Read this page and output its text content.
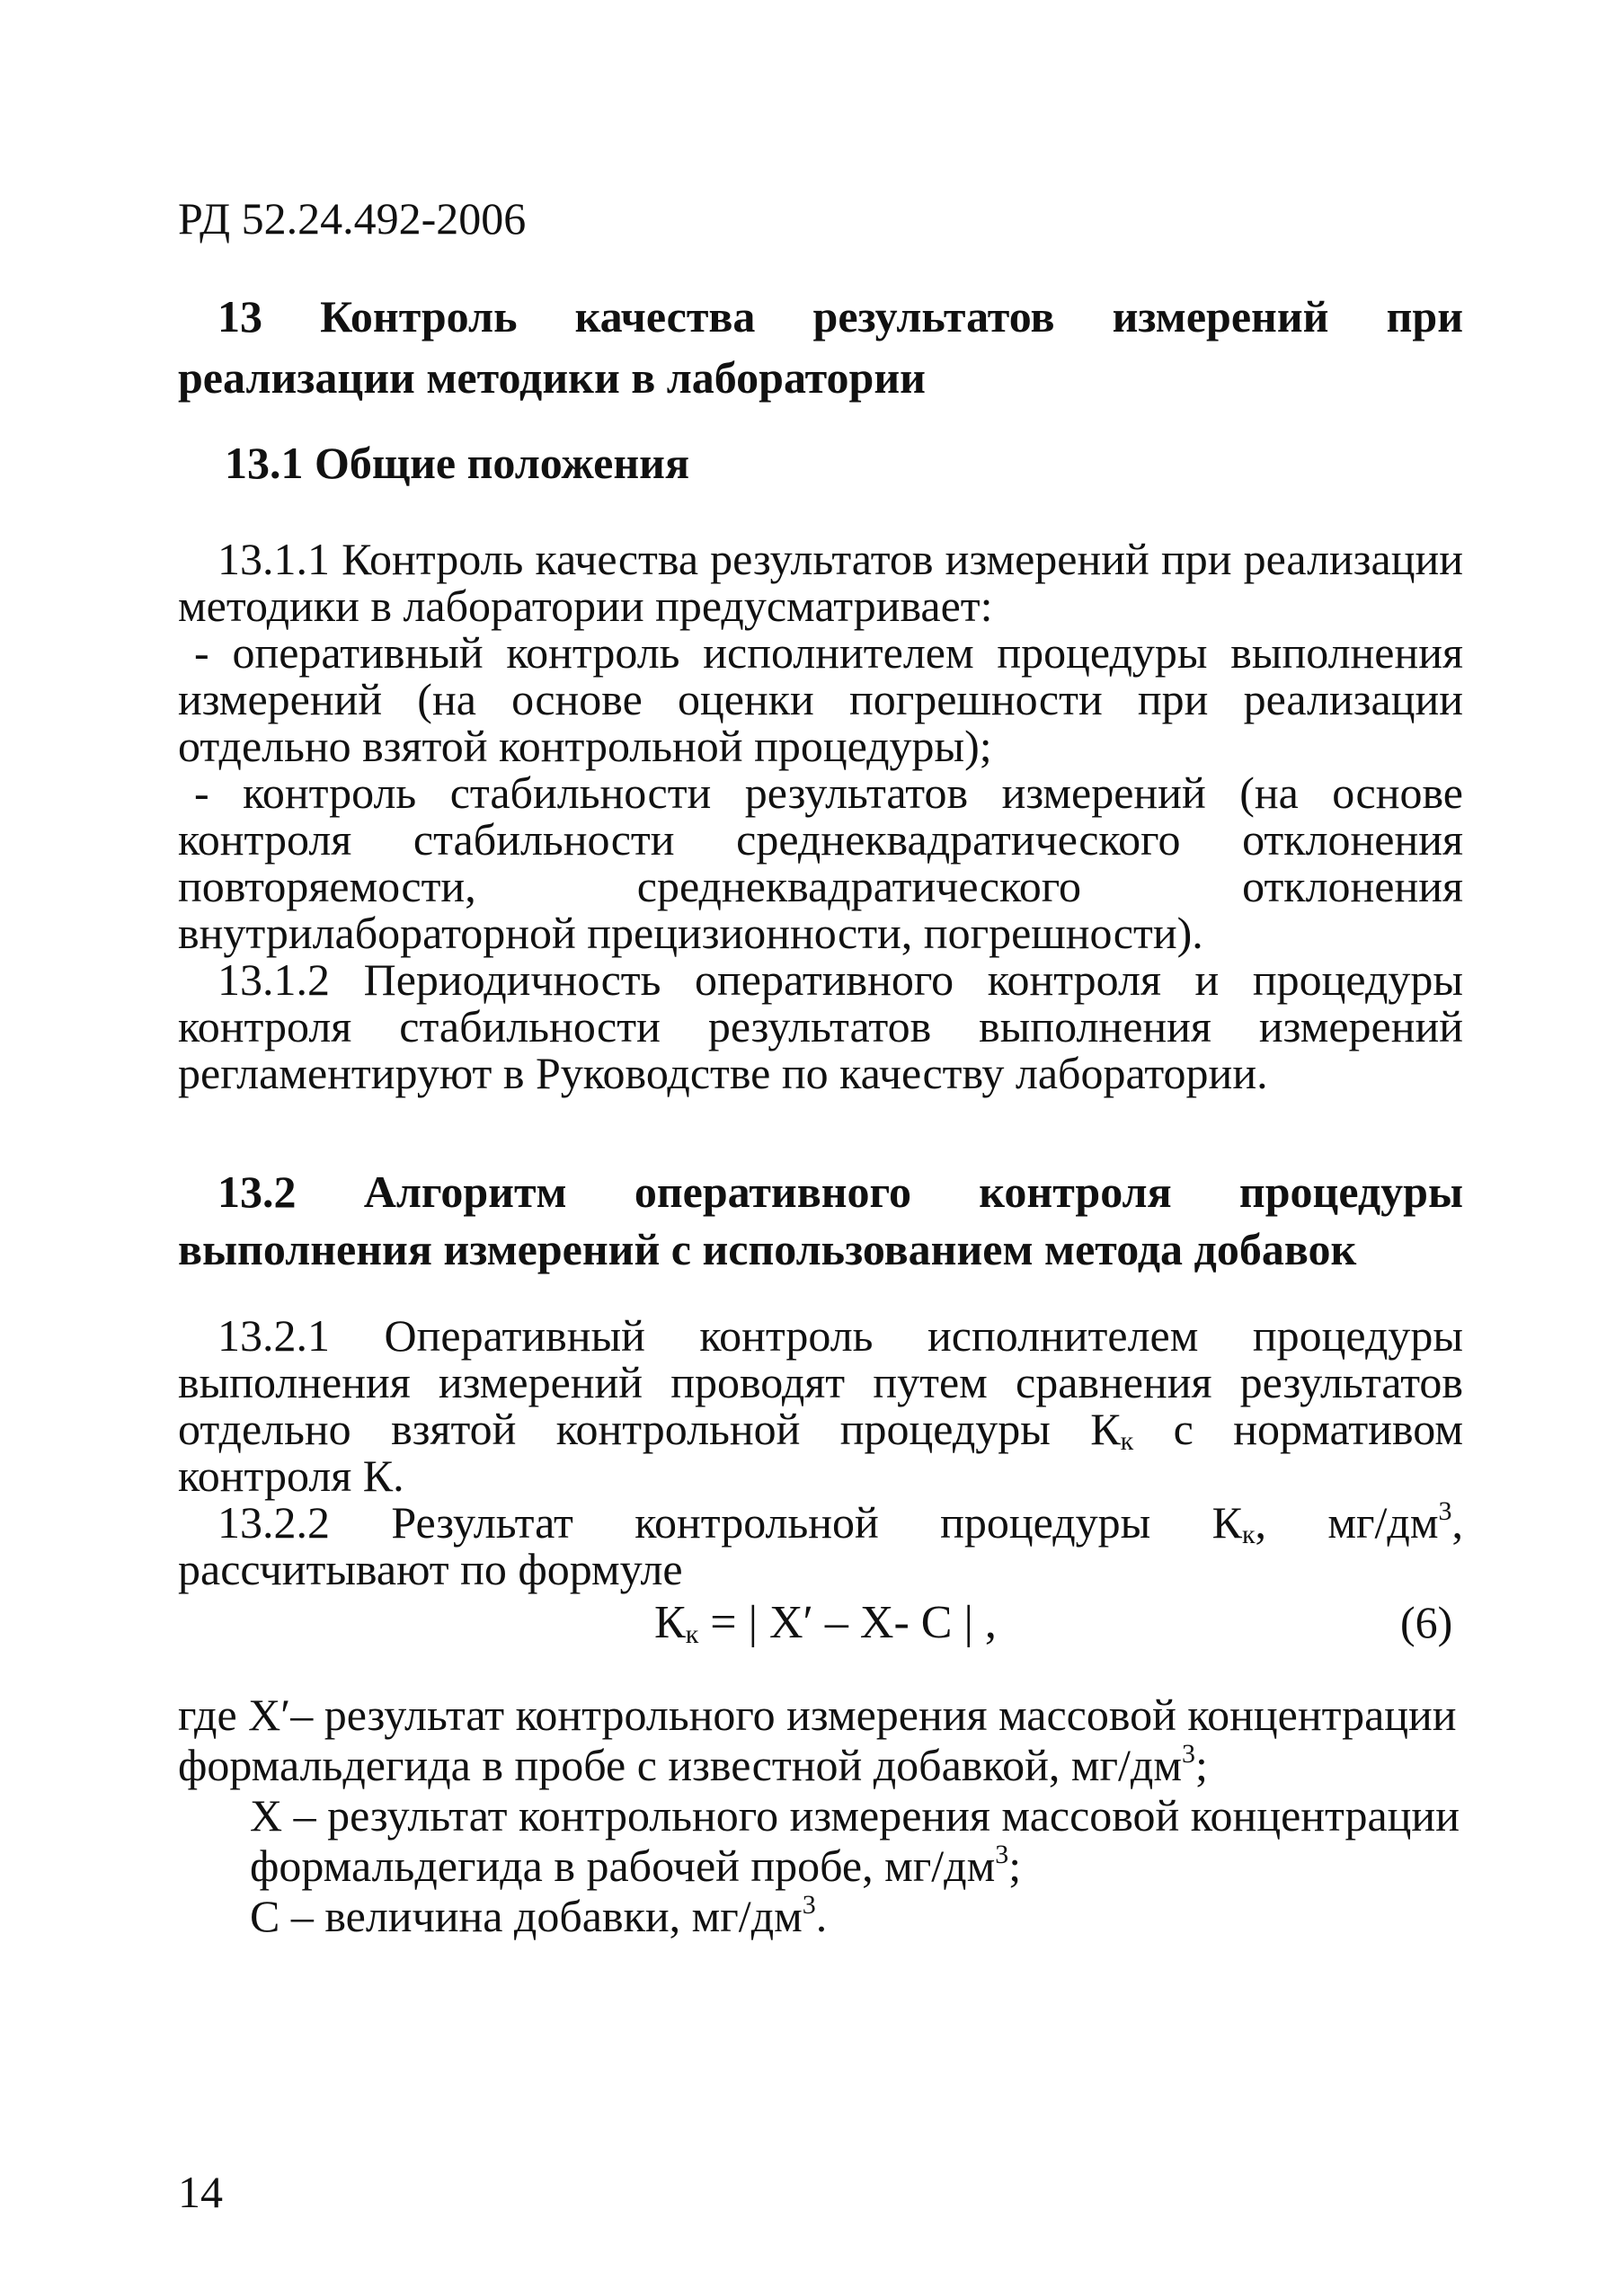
РД 52.24.492-2006
13 Контроль качества результатов измерений при реализации методики в лаборатории
13.1 Общие положения

13.1.1 Контроль качества результатов измерений при реализации методики в лаборатории предусматривает:

- оперативный контроль исполнителем процедуры выполнения измерений (на основе оценки погрешности при реализации отдельно взятой контрольной процедуры);

- контроль стабильности результатов измерений (на основе контроля стабильности среднеквадратического отклонения повторяемости, среднеквадратического отклонения внутрилабораторной прецизионности, погрешности).

13.1.2 Периодичность оперативного контроля и процедуры контроля стабильности результатов выполнения измерений регламентируют в Руководстве по качеству лаборатории.

13.2 Алгоритм оперативного контроля процедуры выполнения измерений с использованием метода добавок

13.2.1 Оперативный контроль исполнителем процедуры выполнения измерений проводят путем сравнения результатов отдельно взятой контрольной процедуры $К_к$ с нормативом контроля К.

13.2.2 Результат контрольной процедуры $К_к$, $мг/дм^3$, рассчитывают по формуле

$К_к$ = | X′ – X- C | ,	(6)
где X′– результат контрольного измерения массовой концентрации формальдегида в пробе с известной добавкой, $мг/дм^3$;
X – результат контрольного измерения массовой концентрации формальдегида в рабочей пробе, $мг/дм^3$;
С – величина добавки, $мг/дм^3$.
14
